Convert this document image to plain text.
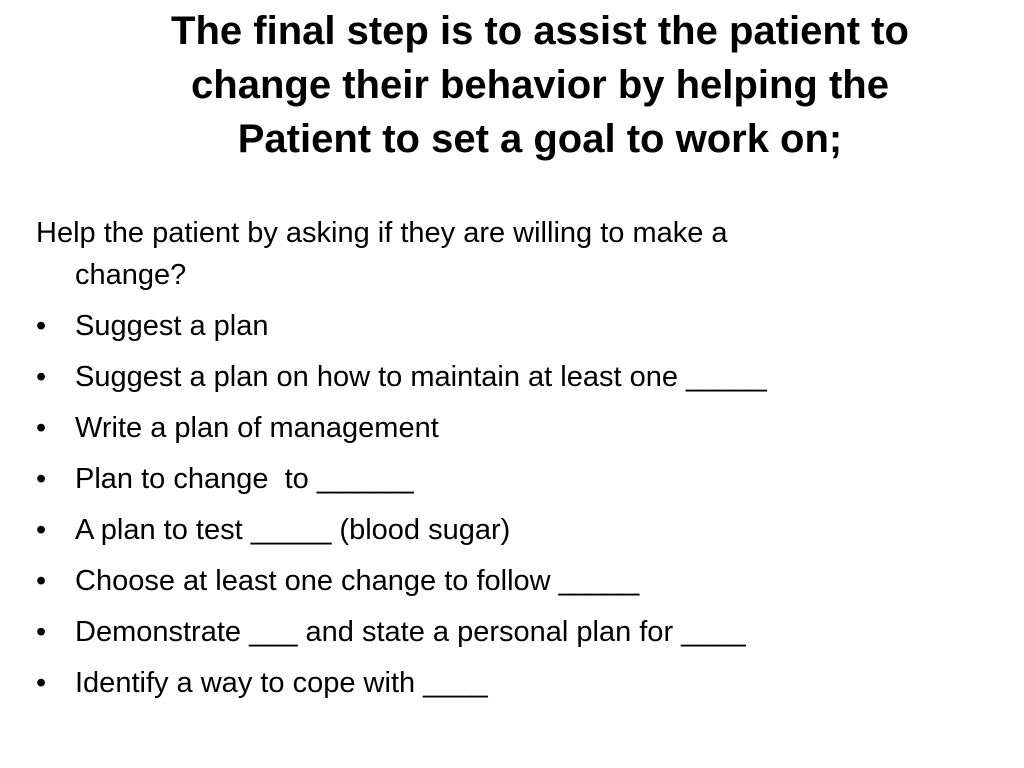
The final step is to assist the patient to
change their behavior by helping the
Patient to set a goal to work on;

Help the patient by asking if they are willing to make a
change?

• Suggest a plan
• Suggest a plan on how to maintain at least one _____
• Write a plan of management
• Plan to change  to ______
• A plan to test _____ (blood sugar)
• Choose at least one change to follow _____
• Demonstrate ___ and state a personal plan for ____
• Identify a way to cope with ____
